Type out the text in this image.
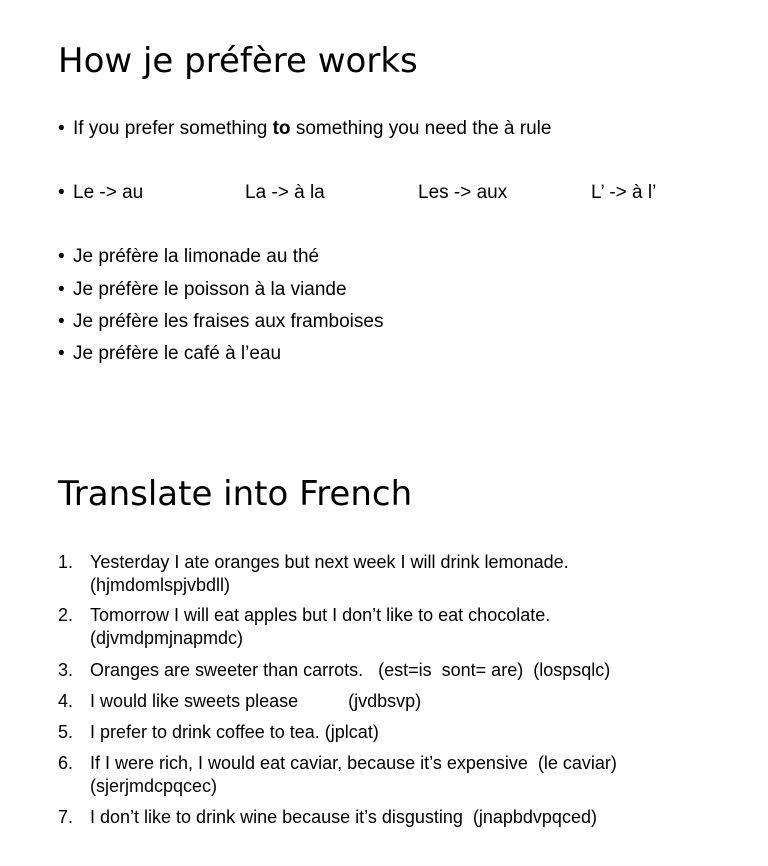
How je préfère works
• If you prefer something to something you need the à rule
• Le -> au	La -> à la	Les -> aux	L’ -> à l’
• Je préfère la limonade au thé
• Je préfère le poisson à la viande
• Je préfère les fraises aux framboises
• Je préfère le café à l’eau
Translate into French
1. Yesterday I ate oranges but next week I will drink lemonade.
(hjmdomlspjvbdll)
2. Tomorrow I will eat apples but I don’t like to eat chocolate.
(djvmdpmjnapmdc)
3. Oranges are sweeter than carrots.   (est=is  sont= are)  (lospsqlc)
4. I would like sweets please          (jvdbsvp)
5. I prefer to drink coffee to tea. (jplcat)
6. If I were rich, I would eat caviar, because it’s expensive  (le caviar)
(sjerjmdcpqcec)
7. I don’t like to drink wine because it’s disgusting  (jnapbdvpqced)
